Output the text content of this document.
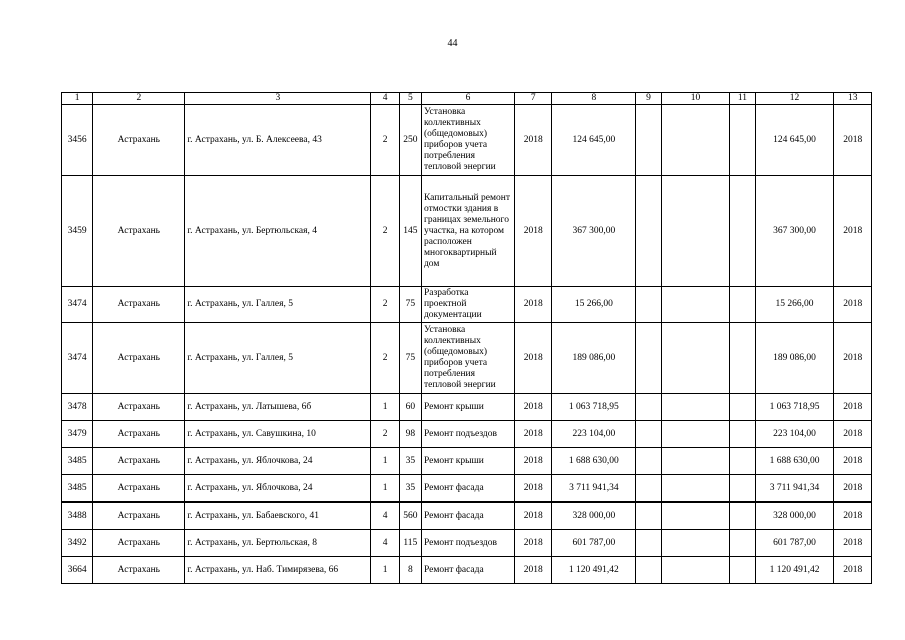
44
1	2	3	4	5	6	7	8	9	10	11	12	13
3456	Астрахань	г. Астрахань, ул. Б. Алексеева, 43	2	250	Установка коллективных (общедомовых) приборов учета потребления тепловой энергии	2018	124 645,00				124 645,00	2018
3459	Астрахань	г. Астрахань, ул. Бертюльская, 4	2	145	Капитальный ремонт отмостки здания в границах земельного участка, на котором расположен многоквартирный дом	2018	367 300,00				367 300,00	2018
3474	Астрахань	г. Астрахань, ул. Галлея, 5	2	75	Разработка проектной документации	2018	15 266,00				15 266,00	2018
3474	Астрахань	г. Астрахань, ул. Галлея, 5	2	75	Установка коллективных (общедомовых) приборов учета потребления тепловой энергии	2018	189 086,00				189 086,00	2018
3478	Астрахань	г. Астрахань, ул. Латышева, 6б	1	60	Ремонт крыши	2018	1 063 718,95				1 063 718,95	2018
3479	Астрахань	г. Астрахань, ул. Савушкина, 10	2	98	Ремонт подъездов	2018	223 104,00				223 104,00	2018
3485	Астрахань	г. Астрахань, ул. Яблочкова, 24	1	35	Ремонт крыши	2018	1 688 630,00				1 688 630,00	2018
3485	Астрахань	г. Астрахань, ул. Яблочкова, 24	1	35	Ремонт фасада	2018	3 711 941,34				3 711 941,34	2018
3488	Астрахань	г. Астрахань, ул. Бабаевского, 41	4	560	Ремонт фасада	2018	328 000,00				328 000,00	2018
3492	Астрахань	г. Астрахань, ул. Бертюльская, 8	4	115	Ремонт подъездов	2018	601 787,00				601 787,00	2018
3664	Астрахань	г. Астрахань, ул. Наб. Тимирязева, 66	1	8	Ремонт фасада	2018	1 120 491,42				1 120 491,42	2018
